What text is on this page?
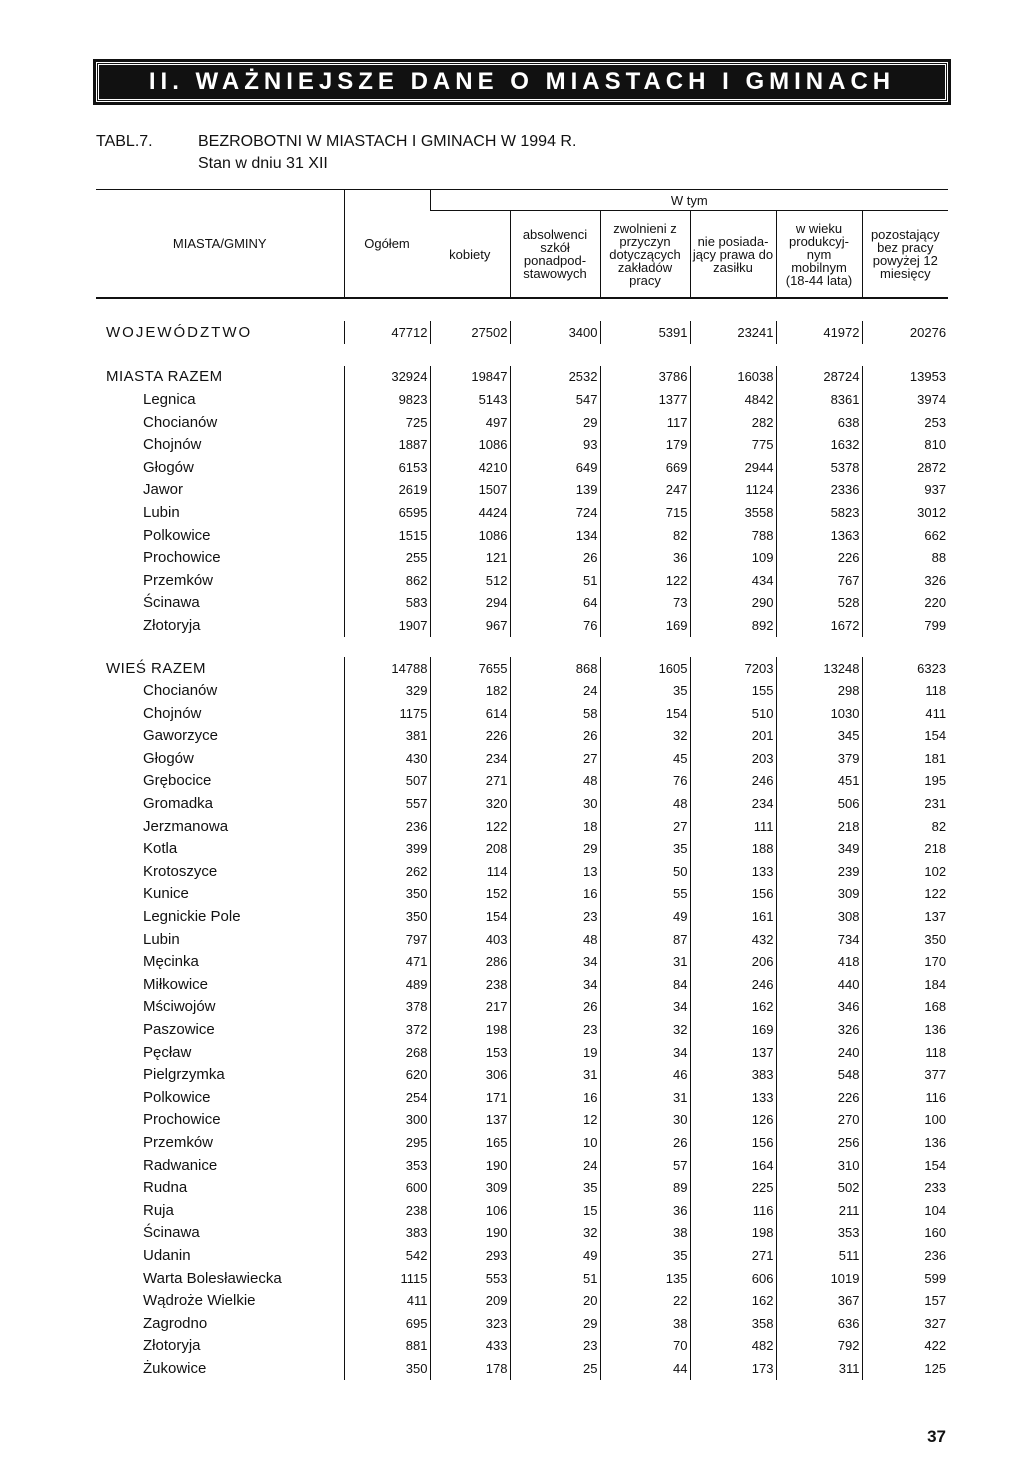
II. WAŻNIEJSZE DANE O MIASTACH I GMINACH
TABL.7.	BEZROBOTNI W MIASTACH I GMINACH W 1994 R.
Stan w dniu 31 XII
MIASTA/GMINY	Ogółem	W tym					
		kobiety	absolwenci szkół ponadpod-stawowych	zwolnieni z przyczyn dotyczących zakładów pracy	nie posiada-jący prawa do zasiłku	w wieku produkcyj-nym mobilnym (18-44 lata)	pozostający bez pracy powyżej 12 miesięcy

WOJEWÓDZTWO	47712	27502	3400	5391	23241	41972	20276

MIASTA RAZEM	32924	19847	2532	3786	16038	28724	13953
Legnica	9823	5143	547	1377	4842	8361	3974
Chocianów	725	497	29	117	282	638	253
Chojnów	1887	1086	93	179	775	1632	810
Głogów	6153	4210	649	669	2944	5378	2872
Jawor	2619	1507	139	247	1124	2336	937
Lubin	6595	4424	724	715	3558	5823	3012
Polkowice	1515	1086	134	82	788	1363	662
Prochowice	255	121	26	36	109	226	88
Przemków	862	512	51	122	434	767	326
Ścinawa	583	294	64	73	290	528	220
Złotoryja	1907	967	76	169	892	1672	799

WIEŚ RAZEM	14788	7655	868	1605	7203	13248	6323
Chocianów	329	182	24	35	155	298	118
Chojnów	1175	614	58	154	510	1030	411
Gaworzyce	381	226	26	32	201	345	154
Głogów	430	234	27	45	203	379	181
Grębocice	507	271	48	76	246	451	195
Gromadka	557	320	30	48	234	506	231
Jerzmanowa	236	122	18	27	111	218	82
Kotla	399	208	29	35	188	349	218
Krotoszyce	262	114	13	50	133	239	102
Kunice	350	152	16	55	156	309	122
Legnickie Pole	350	154	23	49	161	308	137
Lubin	797	403	48	87	432	734	350
Męcinka	471	286	34	31	206	418	170
Miłkowice	489	238	34	84	246	440	184
Mściwojów	378	217	26	34	162	346	168
Paszowice	372	198	23	32	169	326	136
Pęcław	268	153	19	34	137	240	118
Pielgrzymka	620	306	31	46	383	548	377
Polkowice	254	171	16	31	133	226	116
Prochowice	300	137	12	30	126	270	100
Przemków	295	165	10	26	156	256	136
Radwanice	353	190	24	57	164	310	154
Rudna	600	309	35	89	225	502	233
Ruja	238	106	15	36	116	211	104
Ścinawa	383	190	32	38	198	353	160
Udanin	542	293	49	35	271	511	236
Warta Bolesławiecka	1115	553	51	135	606	1019	599
Wądroże Wielkie	411	209	20	22	162	367	157
Zagrodno	695	323	29	38	358	636	327
Złotoryja	881	433	23	70	482	792	422
Żukowice	350	178	25	44	173	311	125
37
